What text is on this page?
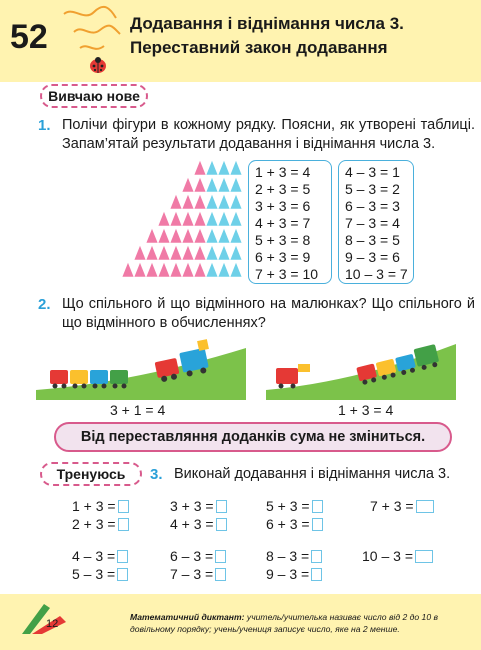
52	Додавання і віднімання числа 3.
Переставний закон додавання
Вивчаю нове
1. Полічи фігури в кожному рядку. Поясни, як утворені таблиці. Запам’ятай результати додавання і віднімання числа 3.
1 + 3 = 4
2 + 3 = 5
3 + 3 = 6
4 + 3 = 7
5 + 3 = 8
6 + 3 = 9
7 + 3 = 10
4 – 3 = 1
5 – 3 = 2
6 – 3 = 3
7 – 3 = 4
8 – 3 = 5
9 – 3 = 6
10 – 3 = 7
2. Що спільного й що відмінного на малюнках? Що спільного й що відмінного в обчисленнях?
3 + 1 = 4	1 + 3 = 4
Від переставляння доданків сума не зміниться.
Тренуюсь	3. Виконай додавання і віднімання числа 3.
1 + 3 =
2 + 3 =
3 + 3 =
4 + 3 =
5 + 3 =
6 + 3 =
7 + 3 =
4 – 3 =
5 – 3 =
6 – 3 =
7 – 3 =
8 – 3 =
9 – 3 =
10 – 3 =
12
Математичний диктант: учитель/учителька називає число від 2 до 10 в довільному порядку; учень/учениця записує число, яке на 2 менше.
